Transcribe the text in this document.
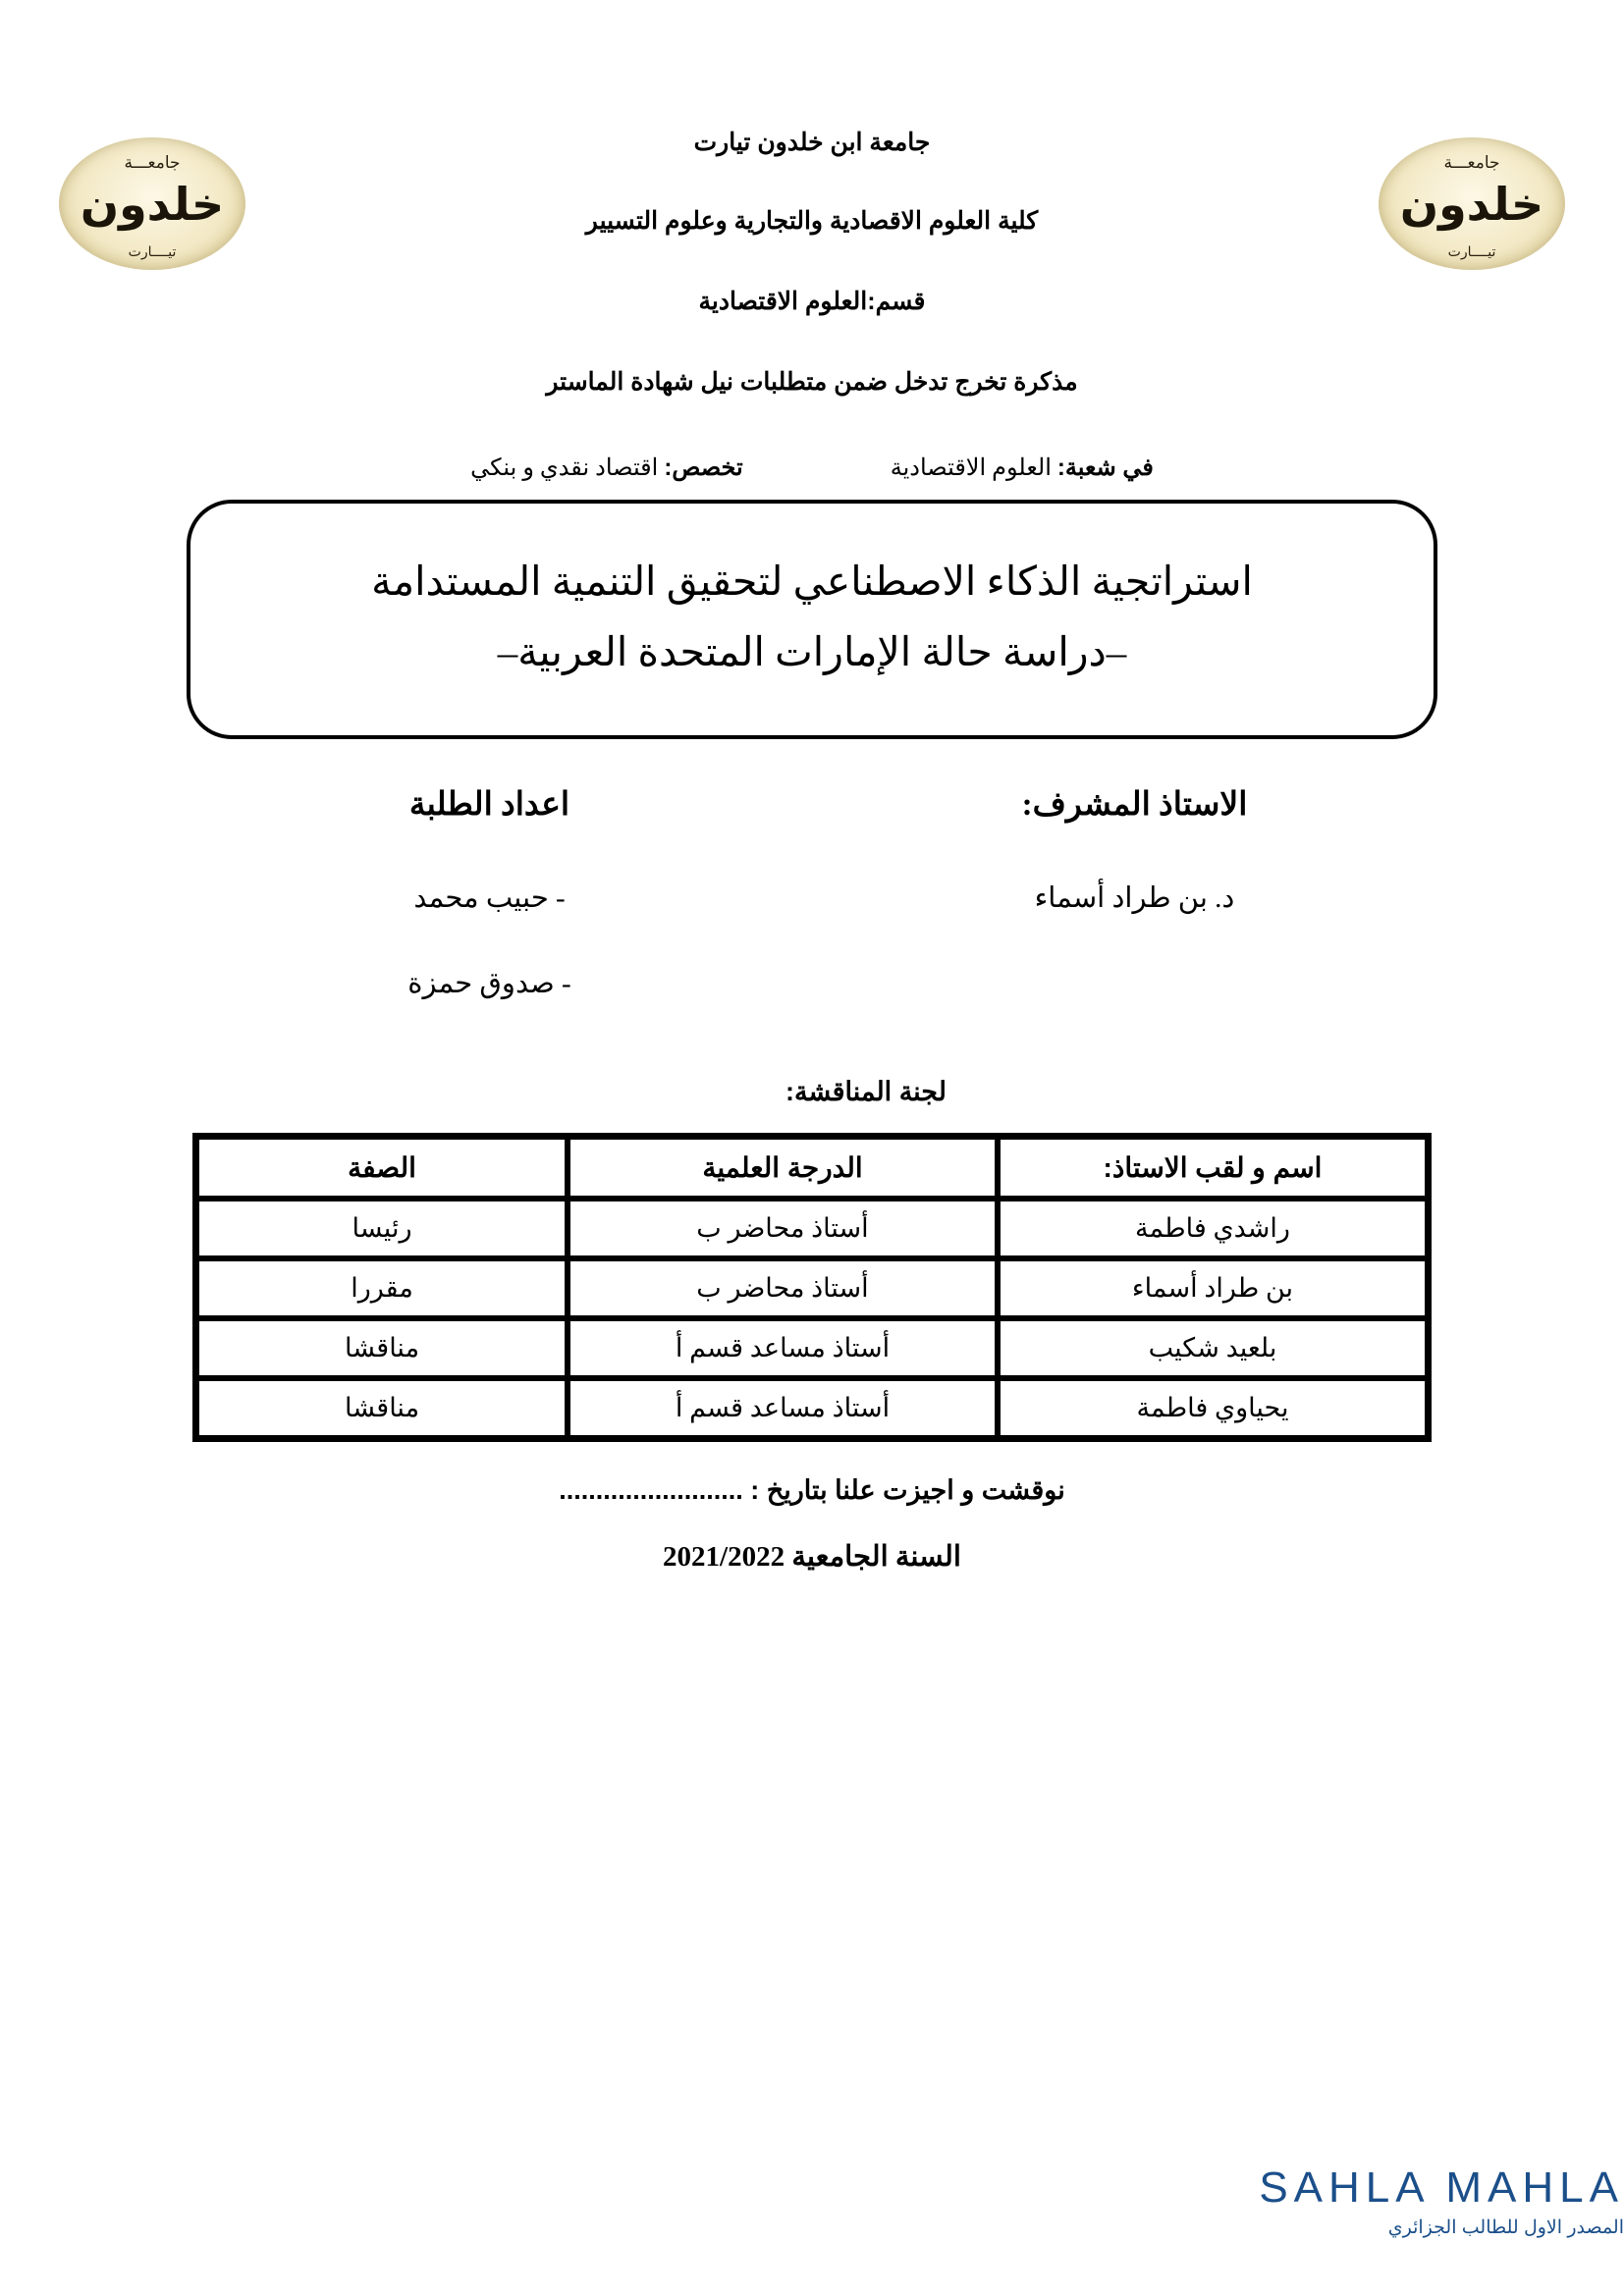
جامعـــة
خلدون
تيــــارت
جامعـــة
خلدون
تيــــارت
جامعة ابن خلدون تيارت
كلية العلوم الاقصادية والتجارية وعلوم التسيير
قسم:العلوم الاقتصادية
مذكرة تخرج تدخل ضمن متطلبات نيل شهادة الماستر
في شعبة: العلوم الاقتصادية
تخصص: اقتصاد نقدي و بنكي
استراتجية الذكاء الاصطناعي لتحقيق التنمية المستدامة
–دراسة حالة الإمارات المتحدة العربية–
الاستاذ المشرف:
د. بن طراد أسماء
اعداد الطلبة
- حبيب محمد
- صدوق حمزة
لجنة المناقشة:
اسم و لقب الاستاذ:	الدرجة العلمية	الصفة
راشدي فاطمة	أستاذ محاضر ب	رئيسا
بن طراد أسماء	أستاذ محاضر ب	مقررا
بلعيد شكيب	أستاذ مساعد قسم أ	مناقشا
يحياوي فاطمة	أستاذ مساعد قسم أ	مناقشا
نوقشت و اجيزت علنا بتاريخ : .........................
السنة الجامعية 2021/2022
SAHLA MAHLA
المصدر الاول للطالب الجزائري
